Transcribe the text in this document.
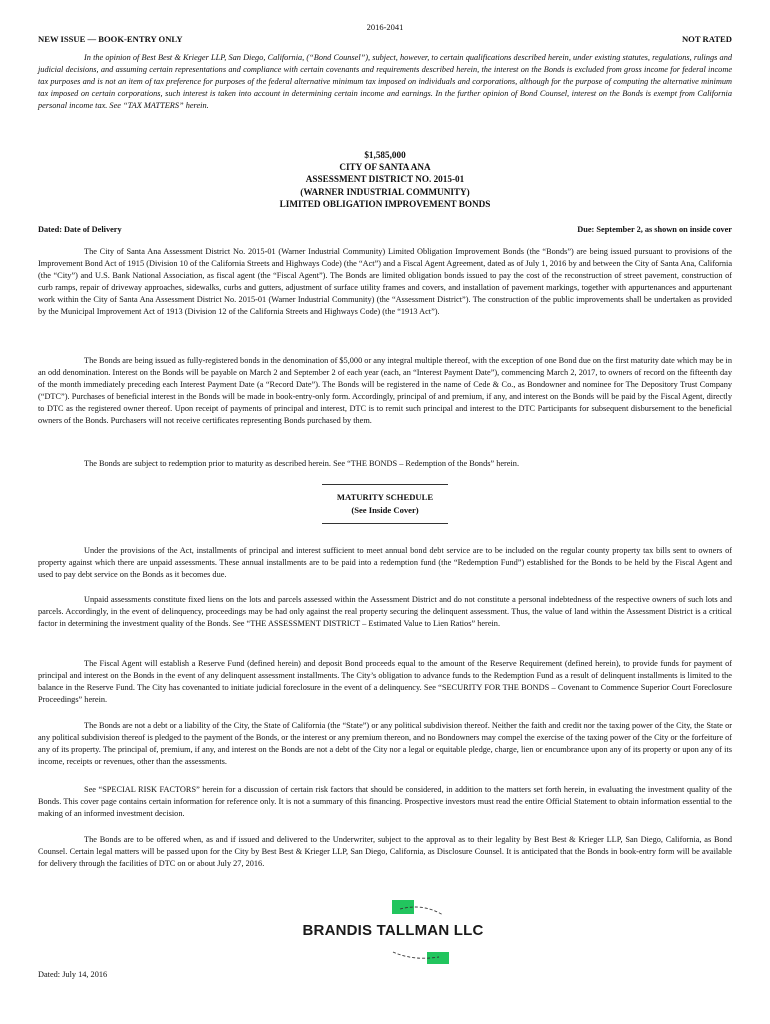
2016-2041
NEW ISSUE — BOOK-ENTRY ONLY	NOT RATED
In the opinion of Best Best & Krieger LLP, San Diego, California, (“Bond Counsel”), subject, however, to certain qualifications described herein, under existing statutes, regulations, rulings and judicial decisions, and assuming certain representations and compliance with certain covenants and requirements described herein, the interest on the Bonds is excluded from gross income for federal income tax purposes and is not an item of tax preference for purposes of the federal alternative minimum tax imposed on individuals and corporations, although for the purpose of computing the alternative minimum tax imposed on certain corporations, such interest is taken into account in determining certain income and earnings. In the further opinion of Bond Counsel, interest on the Bonds is exempt from California personal income tax. See “TAX MATTERS” herein.
$1,585,000
CITY OF SANTA ANA
ASSESSMENT DISTRICT NO. 2015-01
(WARNER INDUSTRIAL COMMUNITY)
LIMITED OBLIGATION IMPROVEMENT BONDS
Dated: Date of Delivery	Due: September 2, as shown on inside cover

The City of Santa Ana Assessment District No. 2015-01 (Warner Industrial Community) Limited Obligation Improvement Bonds (the “Bonds”) are being issued pursuant to provisions of the Improvement Bond Act of 1915 (Division 10 of the California Streets and Highways Code) (the “Act”) and a Fiscal Agent Agreement, dated as of July 1, 2016 by and between the City of Santa Ana, California (the “City”) and U.S. Bank National Association, as fiscal agent (the “Fiscal Agent”). The Bonds are limited obligation bonds issued to pay the cost of the reconstruction of street pavement, construction of curb ramps, repair of driveway approaches, sidewalks, curbs and gutters, adjustment of surface utility frames and covers, and installation of pavement markings, together with appurtenances and appurtenant work within the City of Santa Ana Assessment District No. 2015-01 (Warner Industrial Community) (the “Assessment District”). The construction of the public improvements shall be undertaken as provided by the Municipal Improvement Act of 1913 (Division 12 of the California Streets and Highways Code) (the “1913 Act”).

The Bonds are being issued as fully-registered bonds in the denomination of $5,000 or any integral multiple thereof, with the exception of one Bond due on the first maturity date which may be in an odd denomination. Interest on the Bonds will be payable on March 2 and September 2 of each year (each, an “Interest Payment Date”), commencing March 2, 2017, to owners of record on the fifteenth day of the month immediately preceding each Interest Payment Date (a “Record Date”). The Bonds will be registered in the name of Cede & Co., as Bondowner and nominee for The Depository Trust Company (“DTC”). Purchases of beneficial interest in the Bonds will be made in book-entry-only form. Accordingly, principal of and premium, if any, and interest on the Bonds will be paid by the Fiscal Agent, directly to DTC as the registered owner thereof. Upon receipt of payments of principal and interest, DTC is to remit such principal and interest to the DTC Participants for subsequent disbursement to the beneficial owners of the Bonds. Purchasers will not receive certificates representing Bonds purchased by them.

The Bonds are subject to redemption prior to maturity as described herein. See “THE BONDS – Redemption of the Bonds” herein.

MATURITY SCHEDULE
(See Inside Cover)

Under the provisions of the Act, installments of principal and interest sufficient to meet annual bond debt service are to be included on the regular county property tax bills sent to owners of property against which there are unpaid assessments. These annual installments are to be paid into a redemption fund (the “Redemption Fund”) established for the Bonds to be held by the Fiscal Agent and used to pay debt service on the Bonds as it becomes due.

Unpaid assessments constitute fixed liens on the lots and parcels assessed within the Assessment District and do not constitute a personal indebtedness of the respective owners of such lots and parcels. Accordingly, in the event of delinquency, proceedings may be had only against the real property securing the delinquent assessment. Thus, the value of land within the Assessment District is a critical factor in determining the investment quality of the Bonds. See “THE ASSESSMENT DISTRICT – Estimated Value to Lien Ratios” herein.

The Fiscal Agent will establish a Reserve Fund (defined herein) and deposit Bond proceeds equal to the amount of the Reserve Requirement (defined herein), to provide funds for payment of principal and interest on the Bonds in the event of any delinquent assessment installments. The City’s obligation to advance funds to the Redemption Fund as a result of delinquent installments is limited to the balance in the Reserve Fund. The City has covenanted to initiate judicial foreclosure in the event of a delinquency. See “SECURITY FOR THE BONDS – Covenant to Commence Superior Court Foreclosure Proceedings” herein.

The Bonds are not a debt or a liability of the City, the State of California (the “State”) or any political subdivision thereof. Neither the faith and credit nor the taxing power of the City, the State or any political subdivision thereof is pledged to the payment of the Bonds, or the interest or any premium thereon, and no Bondowners may compel the exercise of the taxing power of the City or the forfeiture of any of its property. The principal of, premium, if any, and interest on the Bonds are not a debt of the City nor a legal or equitable pledge, charge, lien or encumbrance upon any of its property or upon any of its income, receipts or revenues, other than the assessments.

See “SPECIAL RISK FACTORS” herein for a discussion of certain risk factors that should be considered, in addition to the matters set forth herein, in evaluating the investment quality of the Bonds. This cover page contains certain information for reference only. It is not a summary of this financing. Prospective investors must read the entire Official Statement to obtain information essential to the making of an informed investment decision.

The Bonds are to be offered when, as and if issued and delivered to the Underwriter, subject to the approval as to their legality by Best Best & Krieger LLP, San Diego, California, as Bond Counsel. Certain legal matters will be passed upon for the City by Best Best & Krieger LLP, San Diego, California, as Disclosure Counsel. It is anticipated that the Bonds in book-entry form will be available for delivery through the facilities of DTC on or about July 27, 2016.

BRANDIS TALLMAN LLC
Dated: July 14, 2016
